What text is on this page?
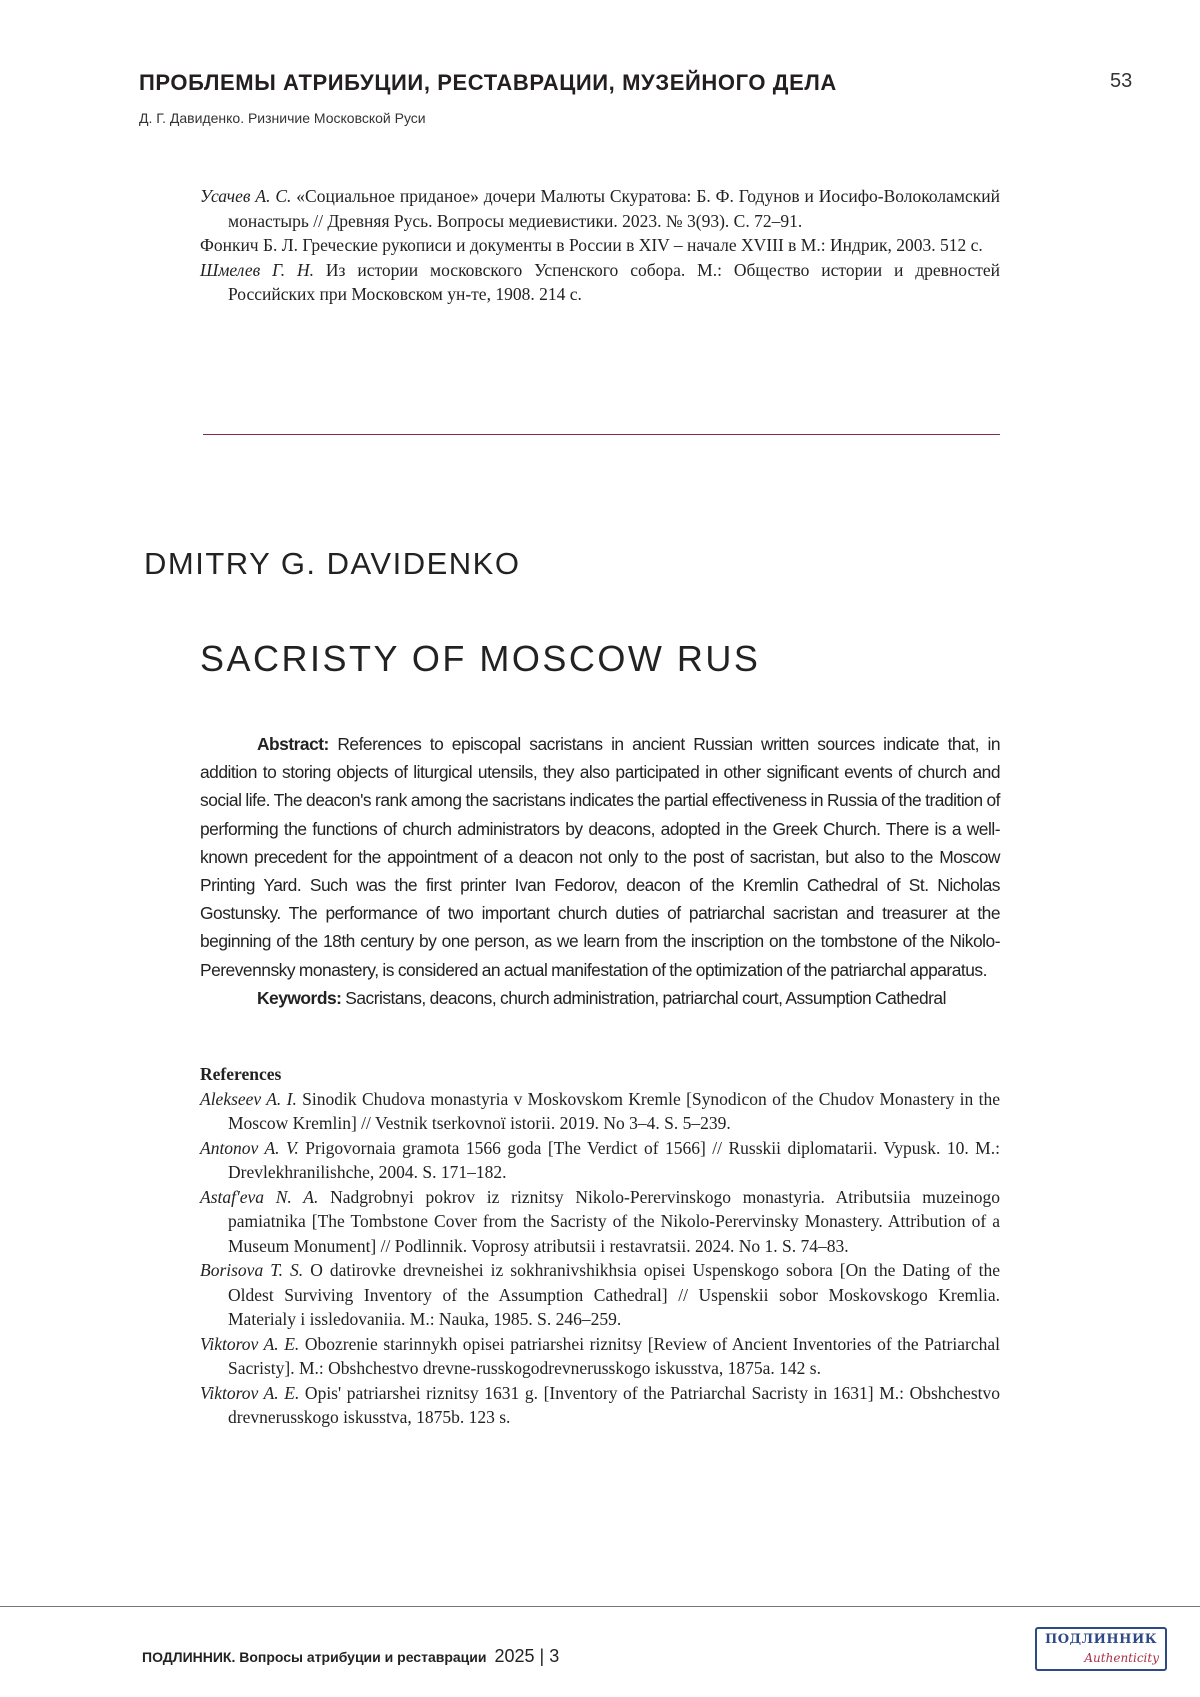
ПРОБЛЕМЫ АТРИБУЦИИ, РЕСТАВРАЦИИ, МУЗЕЙНОГО ДЕЛА	53
Д. Г. Давиденко. Ризничие Московской Руси
Усачев А. С. «Социальное приданое» дочери Малюты Скуратова: Б. Ф. Годунов и Иосифо-Волоколамский монастырь // Древняя Русь. Вопросы медиевистики. 2023. № 3(93). С. 72–91.
Фонкич Б. Л. Греческие рукописи и документы в России в XIV – начале XVIII в М.: Индрик, 2003. 512 с.
Шмелев Г. Н. Из истории московского Успенского собора. М.: Общество истории и древностей Российских при Московском ун-те, 1908. 214 с.
DMITRY G. DAVIDENKO
SACRISTY OF MOSCOW RUS

Abstract: References to episcopal sacristans in ancient Russian written sources indicate that, in addition to storing objects of liturgical utensils, they also participated in other significant events of church and social life. The deacon's rank among the sacristans indicates the partial effectiveness in Russia of the tradition of performing the functions of church administrators by deacons, adopted in the Greek Church. There is a well-known precedent for the appointment of a deacon not only to the post of sacristan, but also to the Moscow Printing Yard. Such was the first printer Ivan Fedorov, deacon of the Kremlin Cathedral of St. Nicholas Gostunsky. The performance of two important church duties of patriarchal sacristan and treasurer at the beginning of the 18th century by one person, as we learn from the inscription on the tombstone of the Nikolo-Perevennsky monastery, is considered an actual manifestation of the optimization of the patriarchal apparatus.

Keywords: Sacristans, deacons, church administration, patriarchal court, Assumption Cathedral

References
Alekseev A. I. Sinodik Chudova monastyria v Moskovskom Kremle [Synodicon of the Chudov Monastery in the Moscow Kremlin] // Vestnik tserkovnoї istorii. 2019. No 3–4. S. 5–239.
Antonov A. V. Prigovornaia gramota 1566 goda [The Verdict of 1566] // Russkii diplomatarii. Vypusk. 10. M.: Drevlekhranilishche, 2004. S. 171–182.
Astaf'eva N. A. Nadgrobnyi pokrov iz riznitsy Nikolo-Perervinskogo monastyria. Atributsiia muzeinogo pamiatnika [The Tombstone Cover from the Sacristy of the Nikolo-Perervinsky Monastery. Attribution of a Museum Monument] // Podlinnik. Voprosy atributsii i restavratsii. 2024. No 1. S. 74–83.
Borisova T. S. O datirovke drevneishei iz sokhranivshikhsia opisei Uspenskogo sobora [On the Dating of the Oldest Surviving Inventory of the Assumption Cathedral] // Uspenskii sobor Moskovskogo Kremlia. Materialy i issledovaniia. M.: Nauka, 1985. S. 246–259.
Viktorov A. E. Obozrenie starinnykh opisei patriarshei riznitsy [Review of Ancient Inventories of the Patriarchal Sacristy]. M.: Obshchestvo drevne-russkogodrevnerusskogo iskusstva, 1875a. 142 s.
Viktorov A. E. Opis' patriarshei riznitsy 1631 g. [Inventory of the Patriarchal Sacristy in 1631] M.: Obshchestvo drevnerusskogo iskusstva, 1875b. 123 s.
ПОДЛИННИК. Вопросы атрибуции и реставрации 2025 | 3
ПОДЛИННИК
Authenticity
